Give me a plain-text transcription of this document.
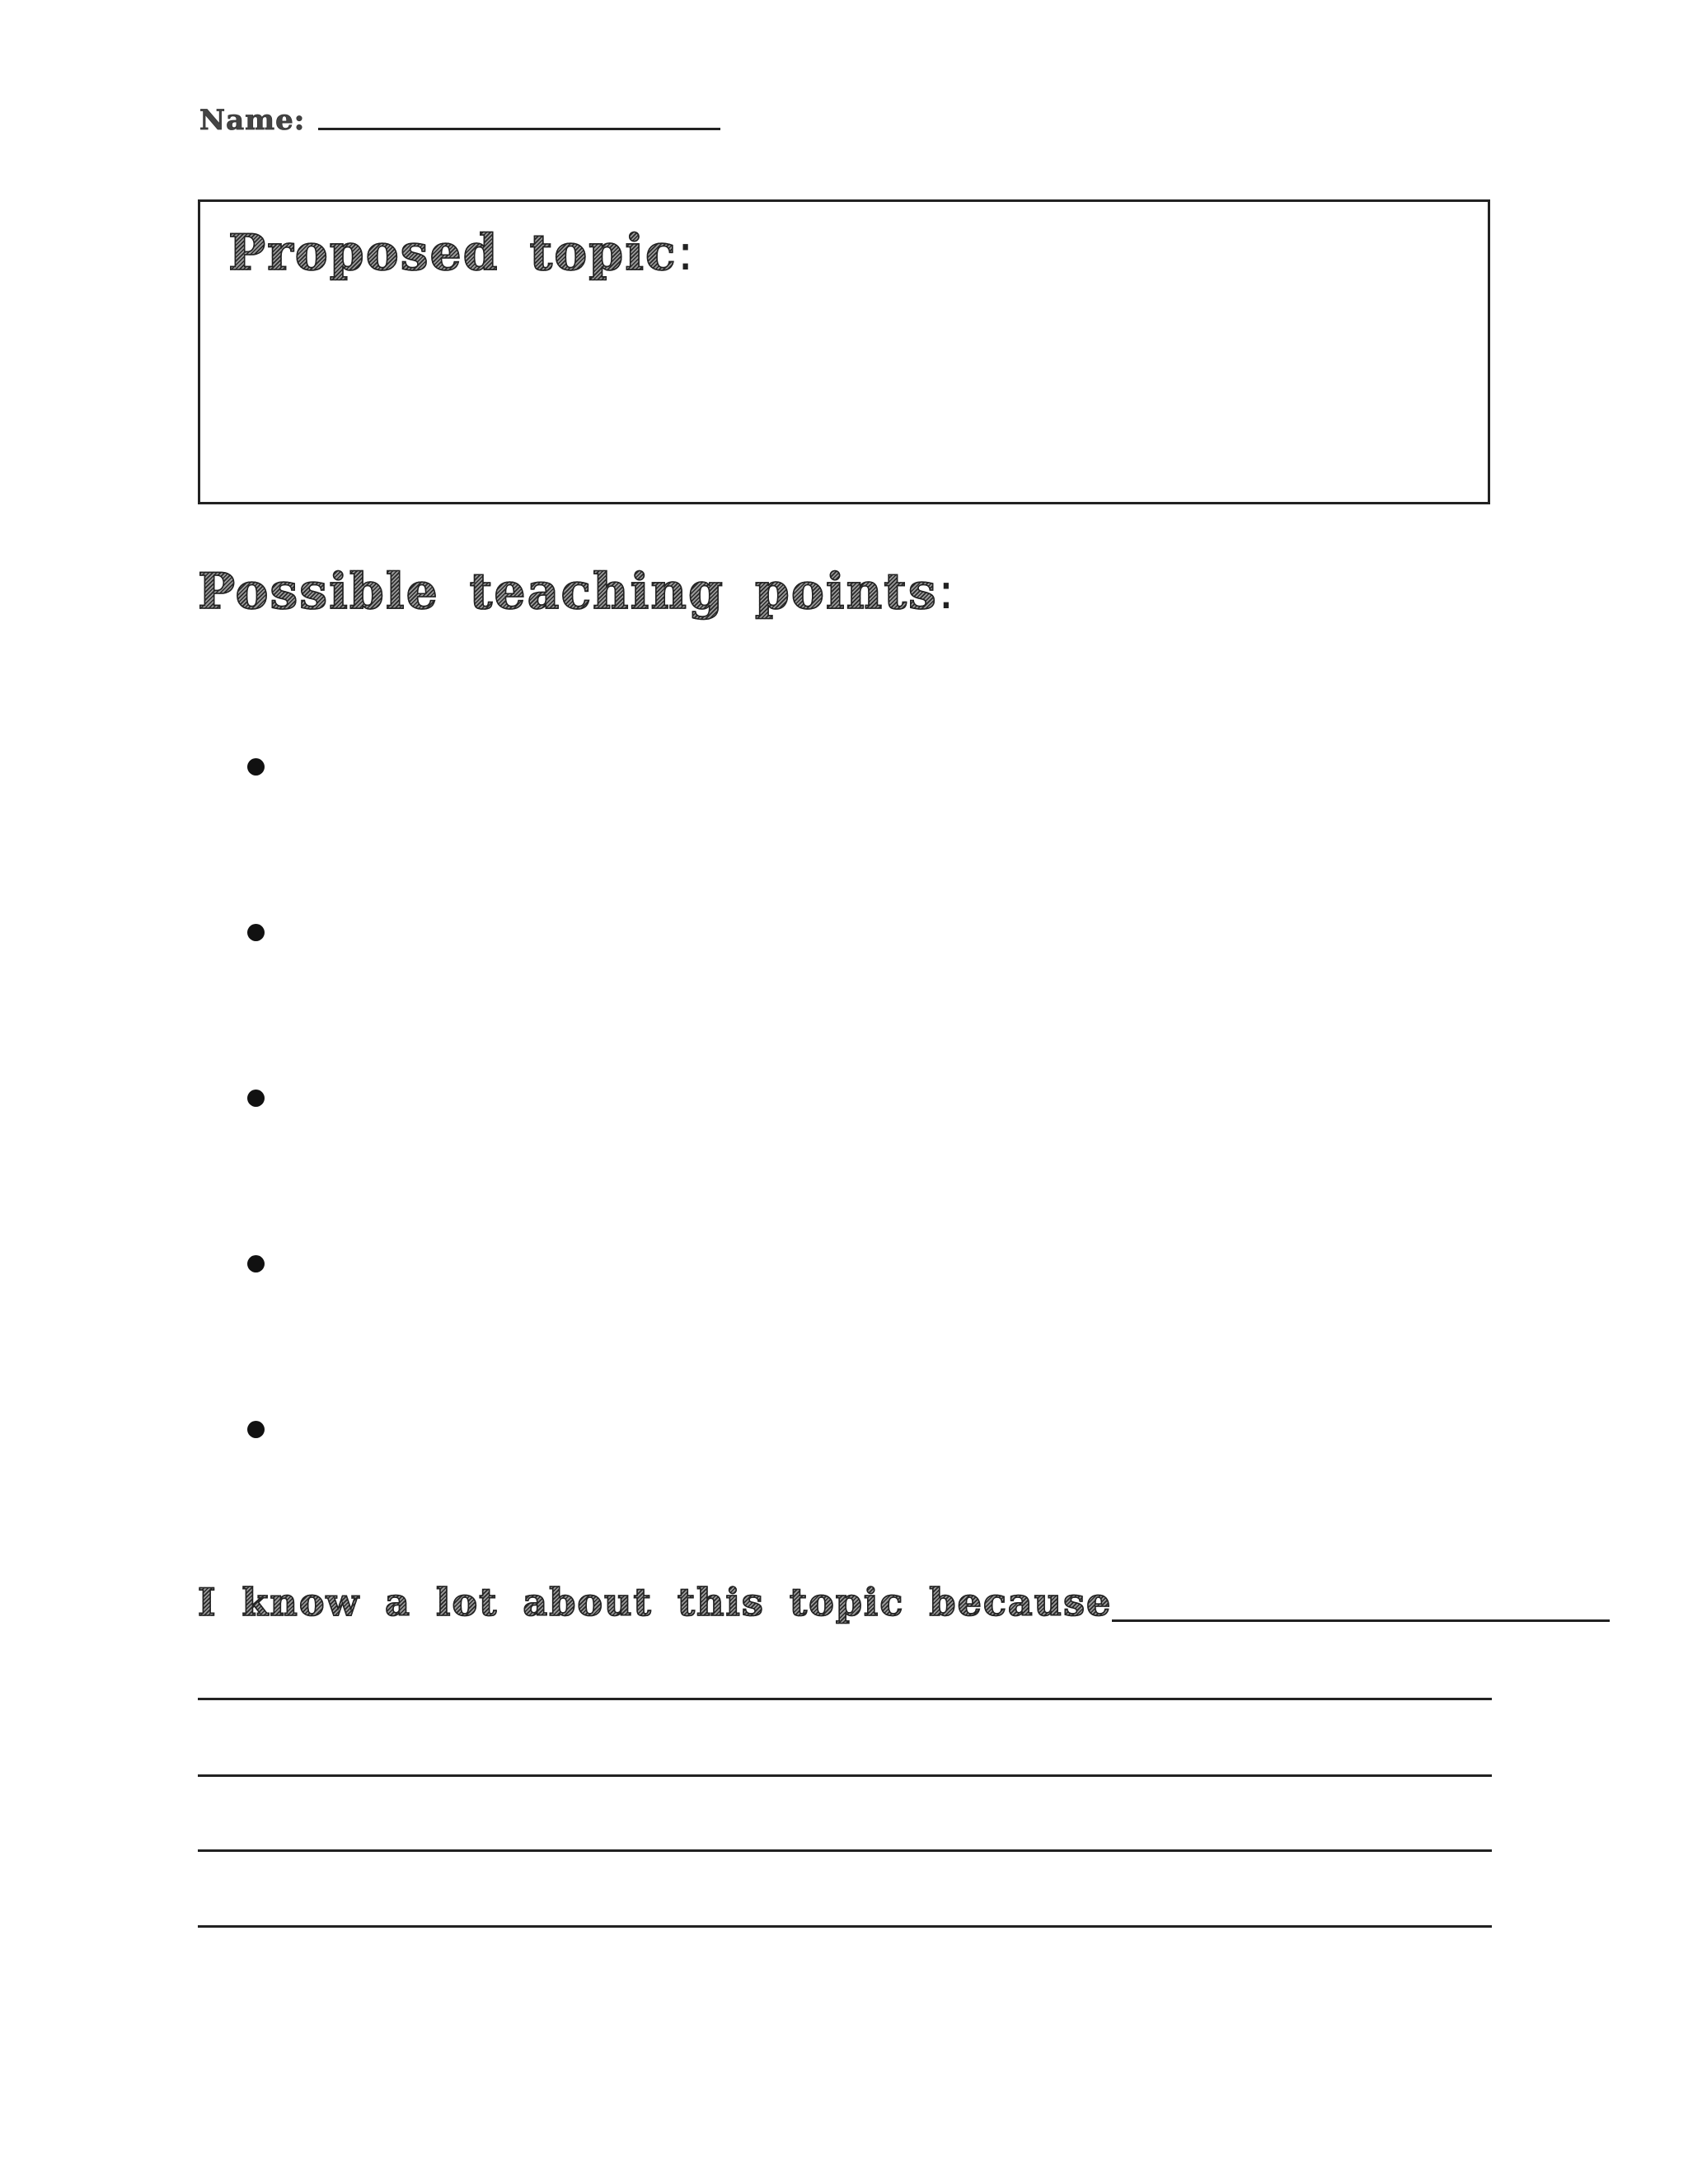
Name:
Proposed topic:
Possible teaching points:
I know a lot about this topic because
